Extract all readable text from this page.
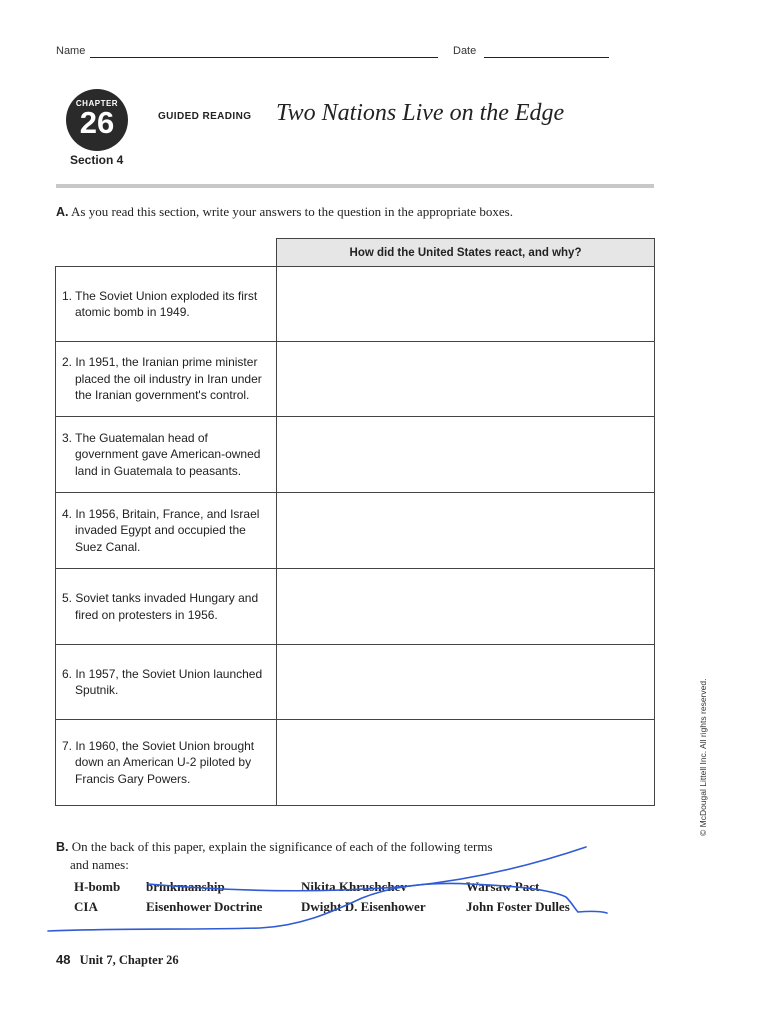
Name	Date
CHAPTER
26
Section 4
GUIDED READING Two Nations Live on the Edge
A. As you read this section, write your answers to the question in the appropriate boxes.
	How did the United States react, and why?

1. The Soviet Union exploded its first atomic bomb in 1949.	

2. In 1951, the Iranian prime minister placed the oil industry in Iran under the Iranian government's control.	

3. The Guatemalan head of government gave American-owned land in Guatemala to peasants.	

4. In 1956, Britain, France, and Israel invaded Egypt and occupied the Suez Canal.	

5. Soviet tanks invaded Hungary and fired on protesters in 1956.	

6. In 1957, the Soviet Union launched Sputnik.	

7. In 1960, the Soviet Union brought down an American U-2 piloted by Francis Gary Powers.	

B. On the back of this paper, explain the significance of each of the following terms
and names:
H-bomb brinkmanship	Nikita Khrushchev	Warsaw Pact
CIA	Eisenhower Doctrine	Dwight D. Eisenhower	John Foster Dulles
48 Unit 7, Chapter 26
© McDougal Littell Inc. All rights reserved.
